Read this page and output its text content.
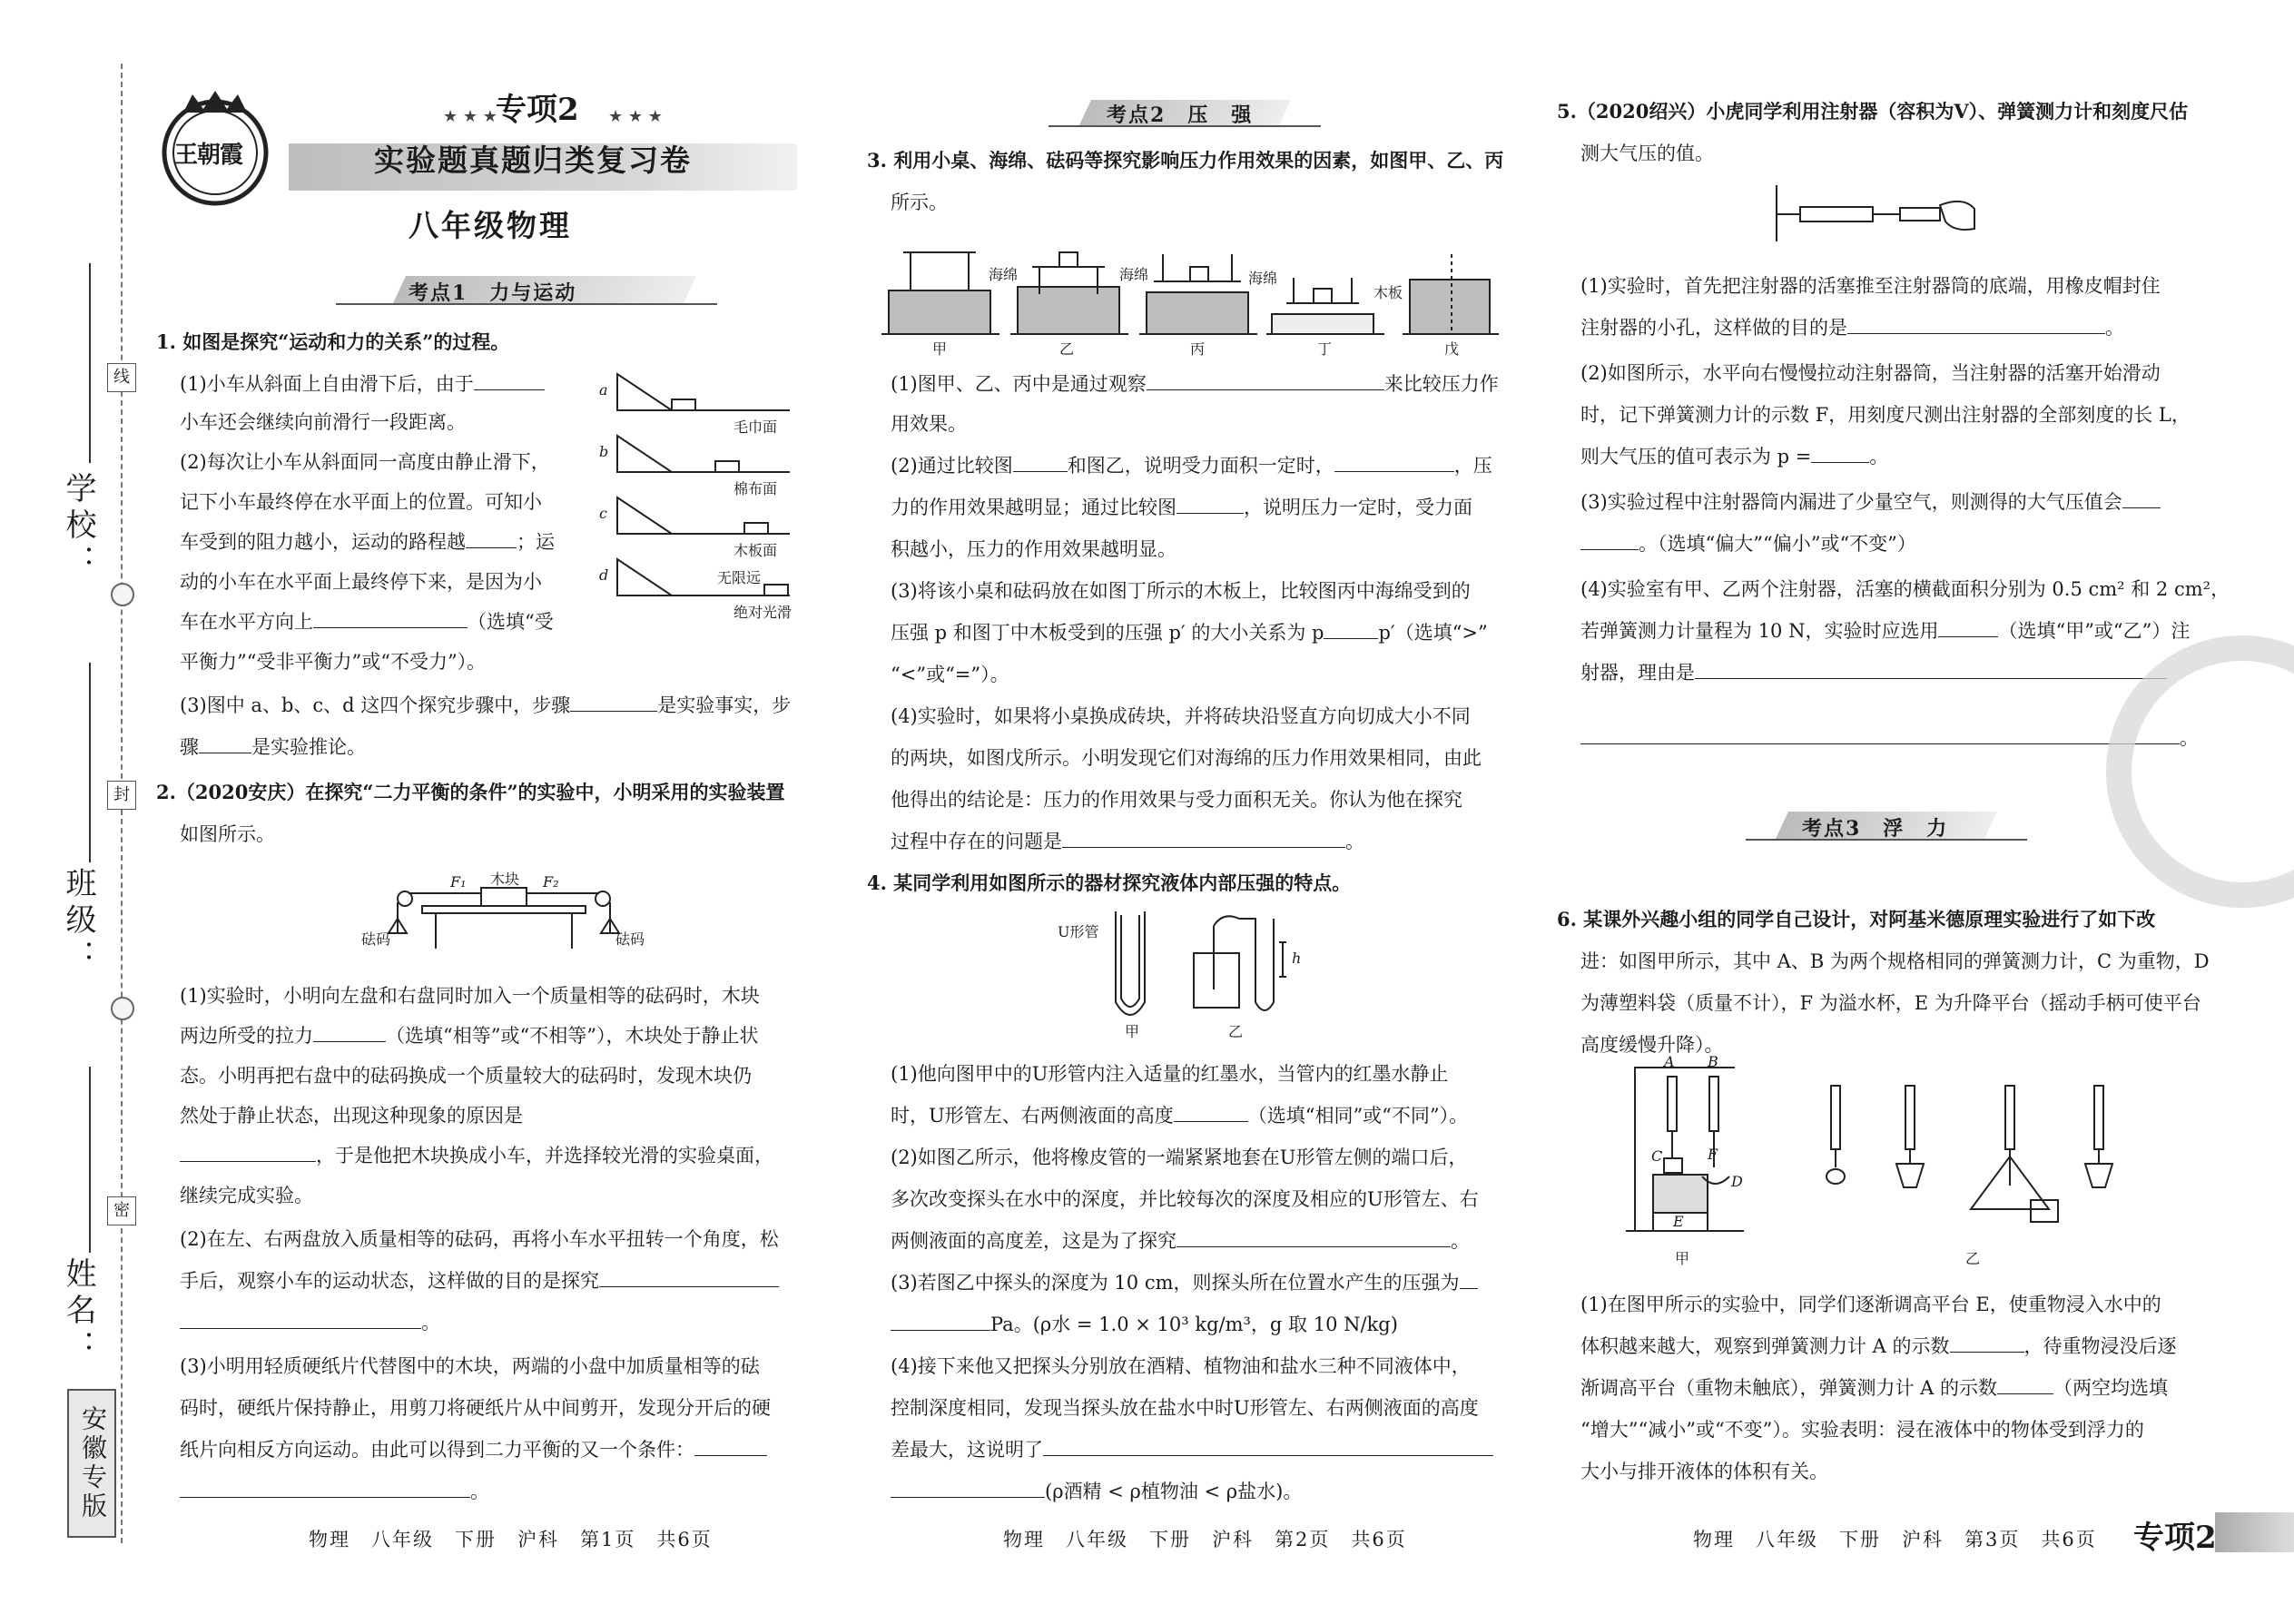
线
封
密
学校：
班级：
姓名：
安徽专版
王朝霞
★ ★ ★
专项2 ★ ★ ★
实验题真题归类复习卷
八年级物理
考点1　力与运动
1. 如图是探究“运动和力的关系”的过程。
(1)小车从斜面上自由滑下后，由于
小车还会继续向前滑行一段距离。
(2)每次让小车从斜面同一高度由静止滑下，
记下小车最终停在水平面上的位置。可知小
车受到的阻力越小，运动的路程越	；运
动的小车在水平面上最终停下来，是因为小
车在水平方向上	（选填“受
平衡力”“受非平衡力”或“不受力”）。
(3)图中 a、b、c、d 这四个探究步骤中，步骤	是实验事实，步
骤	是实验推论。
a
b
c
d
毛巾面
棉布面
木板面
无限远
绝对光滑
2.（2020安庆）在探究“二力平衡的条件”的实验中，小明采用的实验装置
如图所示。
木块
F₁	F₂
砝码	砝码
(1)实验时，小明向左盘和右盘同时加入一个质量相等的砝码时，木块
两边所受的拉力	（选填“相等”或“不相等”），木块处于静止状
态。小明再把右盘中的砝码换成一个质量较大的砝码时，发现木块仍
然处于静止状态，出现这种现象的原因是
，于是他把木块换成小车，并选择较光滑的实验桌面，
继续完成实验。
(2)在左、右两盘放入质量相等的砝码，再将小车水平扭转一个角度，松
手后，观察小车的运动状态，这样做的目的是探究
。
(3)小明用轻质硬纸片代替图中的木块，两端的小盘中加质量相等的砝
码时，硬纸片保持静止，用剪刀将硬纸片从中间剪开，发现分开后的硬
纸片向相反方向运动。由此可以得到二力平衡的又一个条件：
。
物理　八年级　下册　沪科　第1页　共6页
考点2　压　强
3. 利用小桌、海绵、砝码等探究影响压力作用效果的因素，如图甲、乙、丙
所示。
海绵	海绵	海绵
木板
甲	乙	丙	丁	戊
(1)图甲、乙、丙中是通过观察	来比较压力作
用效果。
(2)通过比较图	和图乙，说明受力面积一定时，	，压
力的作用效果越明显；通过比较图	，说明压力一定时，受力面
积越小，压力的作用效果越明显。
(3)将该小桌和砝码放在如图丁所示的木板上，比较图丙中海绵受到的
压强 p 和图丁中木板受到的压强 p′ 的大小关系为 p	p′（选填“>”
“<”或“=”）。
(4)实验时，如果将小桌换成砖块，并将砖块沿竖直方向切成大小不同
的两块，如图戊所示。小明发现它们对海绵的压力作用效果相同，由此
他得出的结论是：压力的作用效果与受力面积无关。你认为他在探究
过程中存在的问题是	。
4. 某同学利用如图所示的器材探究液体内部压强的特点。
U形管
h
甲	乙
(1)他向图甲中的U形管内注入适量的红墨水，当管内的红墨水静止
时，U形管左、右两侧液面的高度	（选填“相同”或“不同”）。
(2)如图乙所示，他将橡皮管的一端紧紧地套在U形管左侧的端口后，
多次改变探头在水中的深度，并比较每次的深度及相应的U形管左、右
两侧液面的高度差，这是为了探究	。
(3)若图乙中探头的深度为 10 cm，则探头所在位置水产生的压强为
Pa。(ρ水 = 1.0 × 10³ kg/m³，g 取 10 N/kg)
(4)接下来他又把探头分别放在酒精、植物油和盐水三种不同液体中，
控制深度相同，发现当探头放在盐水中时U形管左、右两侧液面的高度
差最大，这说明了
(ρ酒精 < ρ植物油 < ρ盐水)。
物理　八年级　下册　沪科　第2页　共6页
5.（2020绍兴）小虎同学利用注射器（容积为V）、弹簧测力计和刻度尺估
测大气压的值。
(1)实验时，首先把注射器的活塞推至注射器筒的底端，用橡皮帽封住
注射器的小孔，这样做的目的是	。
(2)如图所示，水平向右慢慢拉动注射器筒，当注射器的活塞开始滑动
时，记下弹簧测力计的示数 F，用刻度尺测出注射器的全部刻度的长 L，
则大气压的值可表示为 p =	。
(3)实验过程中注射器筒内漏进了少量空气，则测得的大气压值会
。（选填“偏大”“偏小”或“不变”）
(4)实验室有甲、乙两个注射器，活塞的横截面积分别为 0.5 cm² 和 2 cm²，
若弹簧测力计量程为 10 N，实验时应选用	（选填“甲”或“乙”）注
射器，理由是
。
考点3　浮　力
6. 某课外兴趣小组的同学自己设计，对阿基米德原理实验进行了如下改
进：如图甲所示，其中 A、B 为两个规格相同的弹簧测力计，C 为重物，D
为薄塑料袋（质量不计），F 为溢水杯，E 为升降平台（摇动手柄可使平台
高度缓慢升降）。
A B
C
D
E
F
甲	乙
(1)在图甲所示的实验中，同学们逐渐调高平台 E，使重物浸入水中的
体积越来越大，观察到弹簧测力计 A 的示数	，待重物浸没后逐
渐调高平台（重物未触底），弹簧测力计 A 的示数	（两空均选填
“增大”“减小”或“不变”）。实验表明：浸在液体中的物体受到浮力的
大小与排开液体的体积有关。
物理　八年级　下册　沪科　第3页　共6页 专项2
